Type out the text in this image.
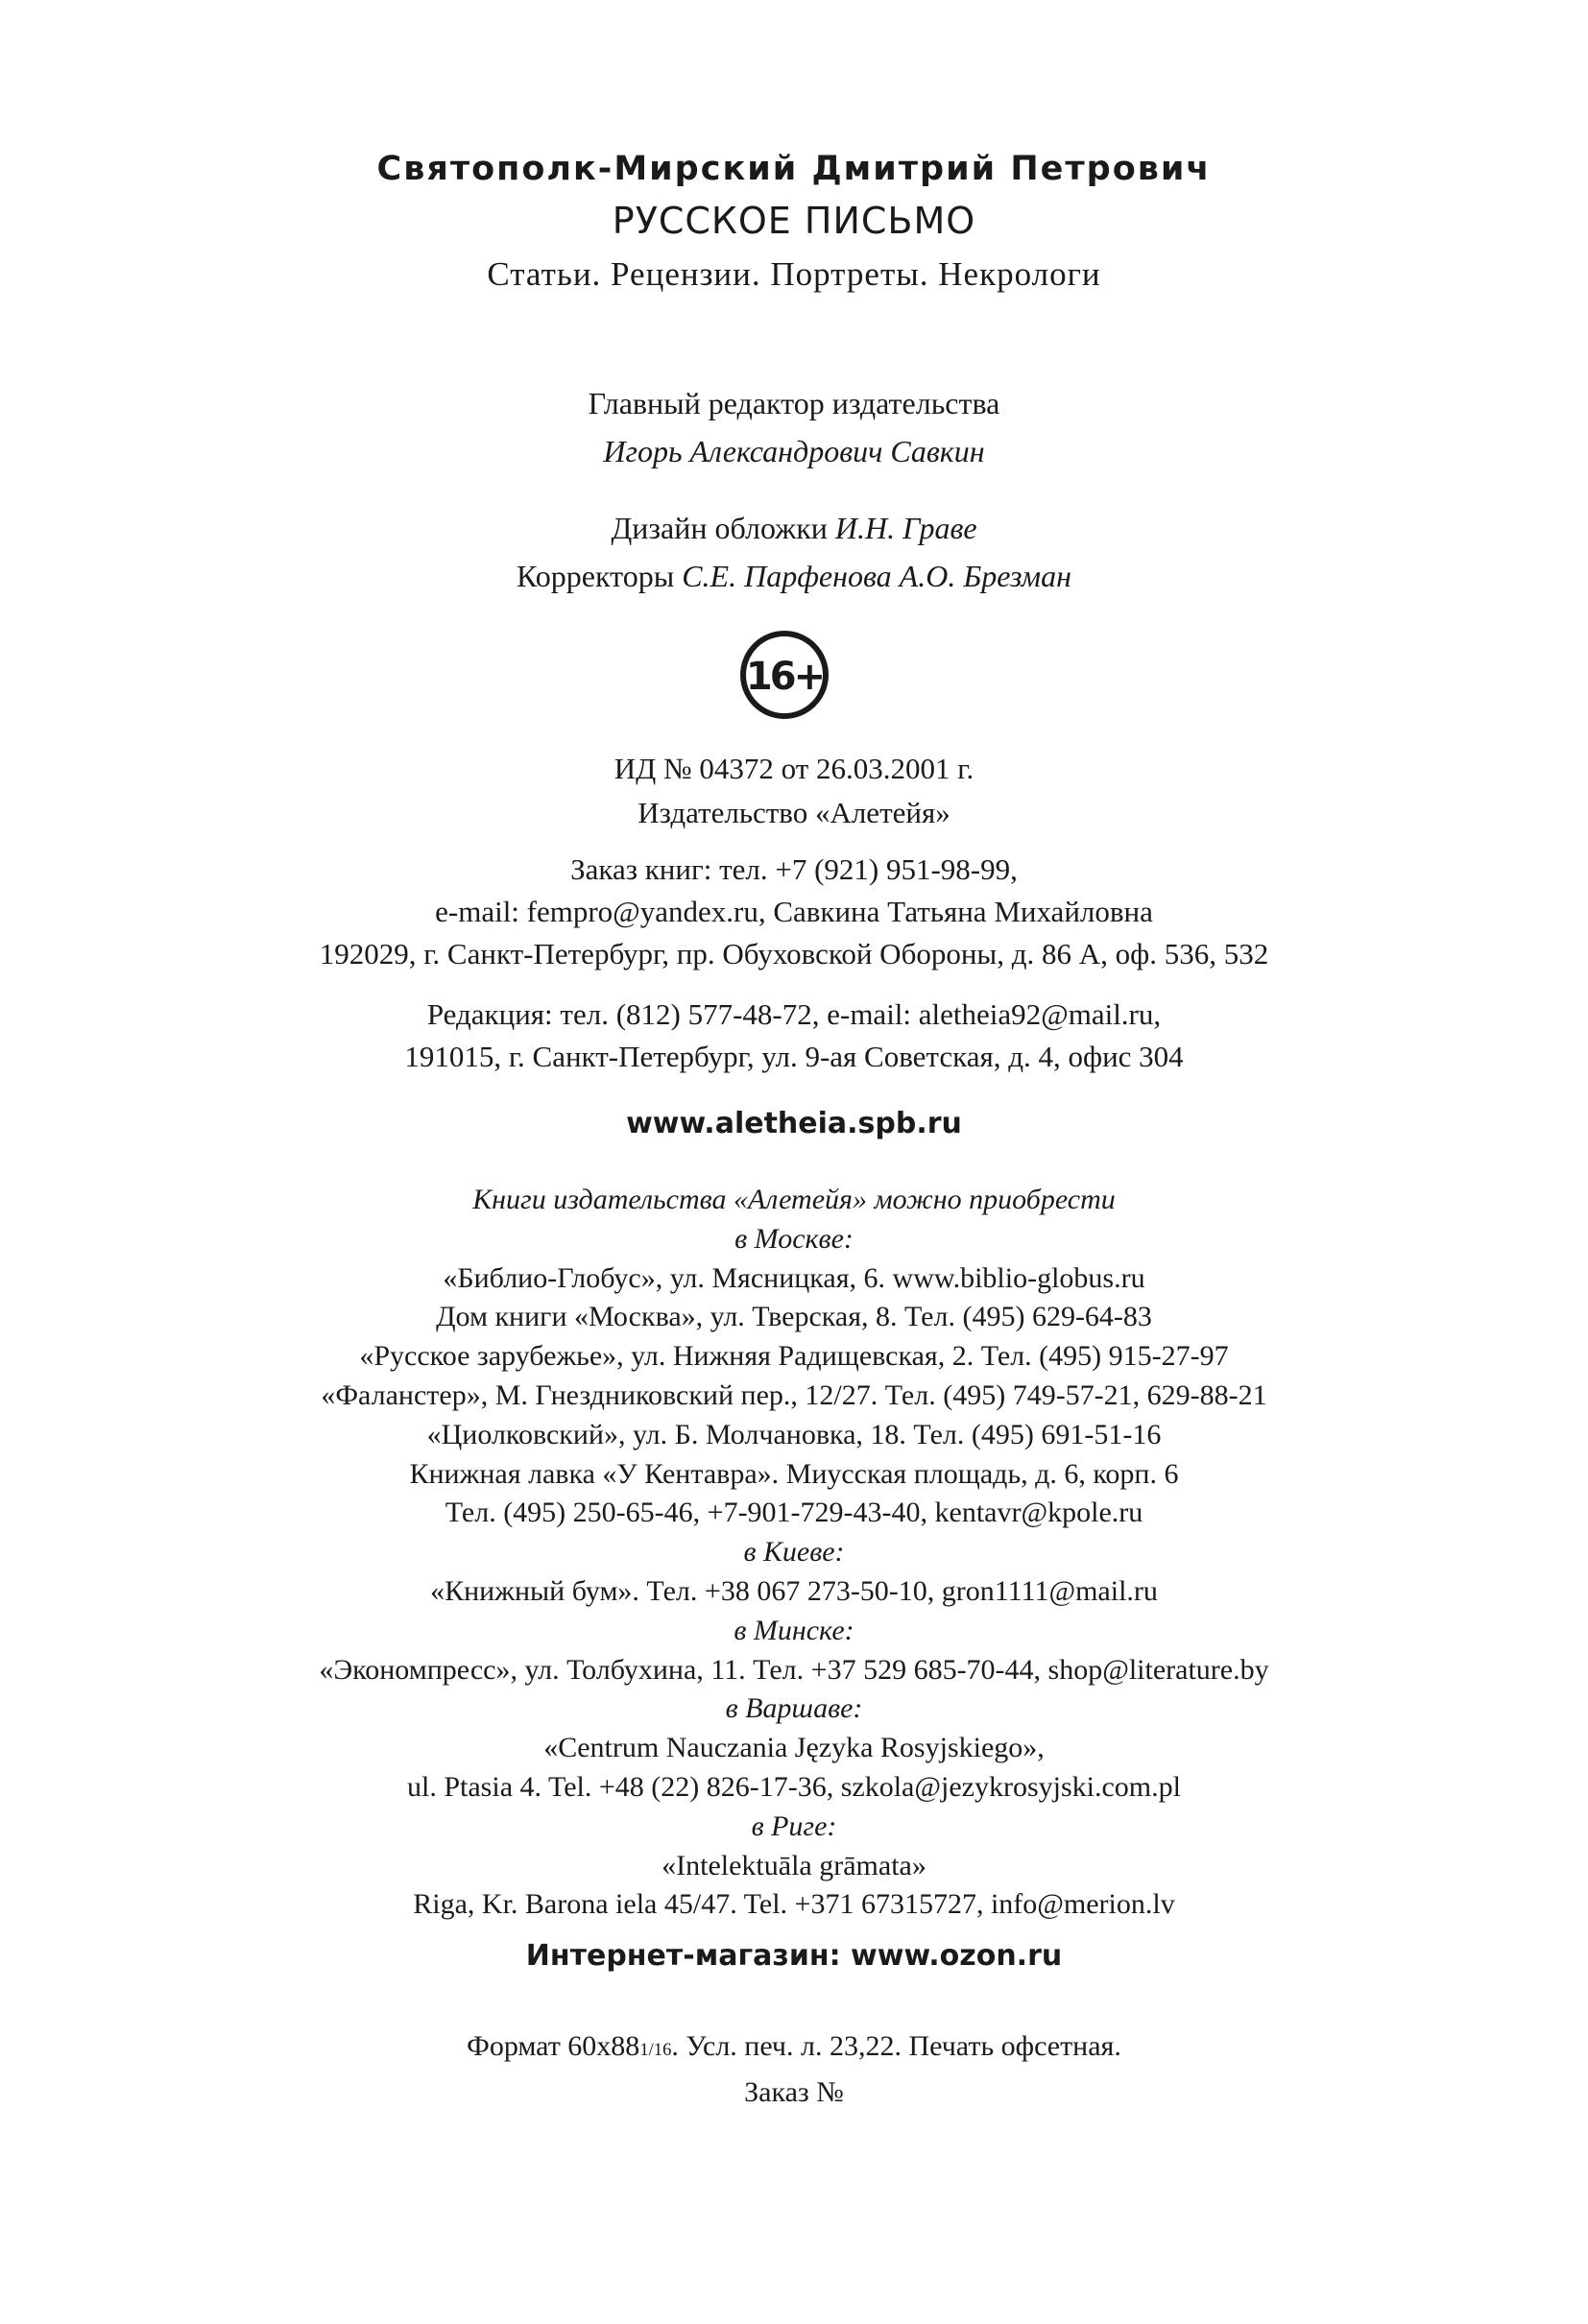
Святополк-Мирский Дмитрий Петрович
РУССКОЕ ПИСЬМО
Статьи. Рецензии. Портреты. Некрологи
Главный редактор издательства
Игорь Александрович Савкин
Дизайн обложки И.Н. Граве
Корректоры С.Е. Парфенова А.О. Брезман
16+
ИД № 04372 от 26.03.2001 г.
Издательство «Алетейя»
Заказ книг: тел. +7 (921) 951-98-99,
e-mail: fempro@yandex.ru, Савкина Татьяна Михайловна
192029, г. Санкт-Петербург, пр. Обуховской Обороны, д. 86 А, оф. 536, 532
Редакция: тел. (812) 577-48-72, e-mail: aletheia92@mail.ru,
191015, г. Санкт-Петербург, ул. 9-ая Советская, д. 4, офис 304
www.aletheia.spb.ru
Книги издательства «Алетейя» можно приобрести
в Москве:
«Библио-Глобус», ул. Мясницкая, 6. www.biblio-globus.ru
Дом книги «Москва», ул. Тверская, 8. Тел. (495) 629-64-83
«Русское зарубежье», ул. Нижняя Радищевская, 2. Тел. (495) 915-27-97
«Фаланстер», М. Гнездниковский пер., 12/27. Тел. (495) 749-57-21, 629-88-21
«Циолковский», ул. Б. Молчановка, 18. Тел. (495) 691-51-16
Книжная лавка «У Кентавра». Миусская площадь, д. 6, корп. 6
Тел. (495) 250-65-46, +7-901-729-43-40, kentavr@kpole.ru
в Киеве:
«Книжный бум». Тел. +38 067 273-50-10, gron1111@mail.ru
в Минске:
«Экономпресс», ул. Толбухина, 11. Тел. +37 529 685-70-44, shop@literature.by
в Варшаве:
«Centrum Nauczania Języka Rosyjskiego»,
ul. Ptasia 4. Tel. +48 (22) 826-17-36, szkola@jezykrosyjski.com.pl
в Риге:
«Intelektuāla grāmata»
Riga, Kr. Barona iela 45/47. Tel. +371 67315727, info@merion.lv
Интернет-магазин: www.ozon.ru
Формат 60x881/16. Усл. печ. л. 23,22. Печать офсетная.
Заказ №
